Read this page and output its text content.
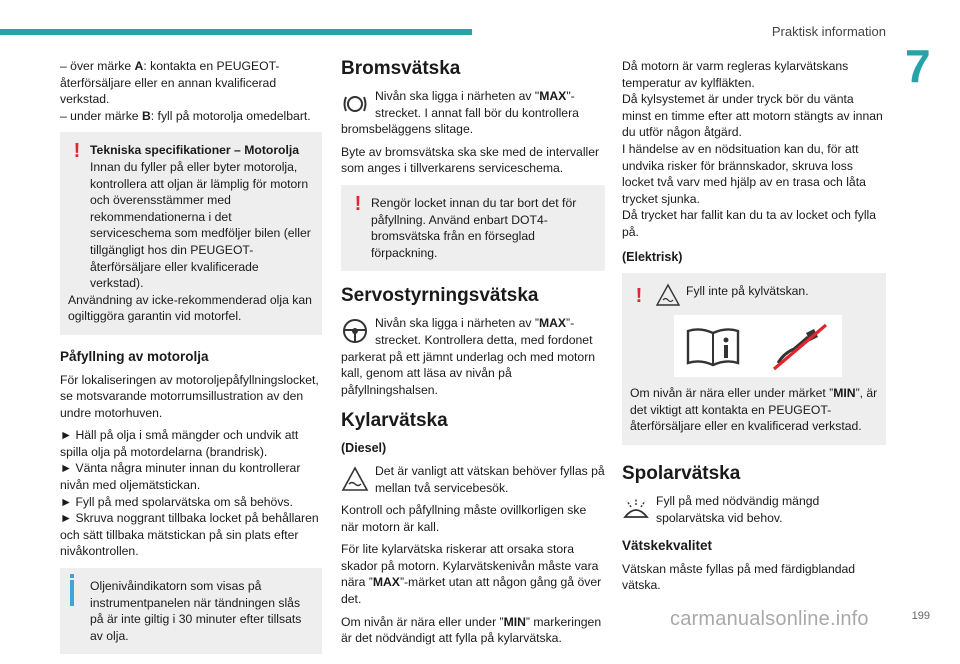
Praktisk information
7

– över märke A: kontakta en PEUGEOT-återförsäljare eller en annan kvalificerad verkstad.
– under märke B: fyll på motorolja omedelbart.

! Tekniska specifikationer – Motorolja
Innan du fyller på eller byter motorolja, kontrollera att oljan är lämplig för motorn och överensstämmer med rekommendationerna i det serviceschema som medföljer bilen (eller tillgängligt hos din PEUGEOT-återförsäljare eller kvalificerade verkstad).
Användning av icke-rekommenderad olja kan ogiltiggöra garantin vid motorfel.
Påfyllning av motorolja

För lokaliseringen av motoroljepåfyllningslocket, se motsvarande motorrumsillustration av den undre motorhuven.

► Häll på olja i små mängder och undvik att spilla olja på motordelarna (brandrisk).
► Vänta några minuter innan du kontrollerar nivån med oljemätstickan.
► Fyll på med spolarvätska om så behövs.
► Skruva noggrant tillbaka locket på behållaren och sätt tillbaka mätstickan på sin plats efter nivåkontrollen.
Oljenivåindikatorn som visas på instrumentpanelen när tändningen slås på är inte giltig i 30 minuter efter tillsats av olja.
Bromsvätska

Nivån ska ligga i närheten av "MAX"-strecket. I annat fall bör du kontrollera bromsbeläggens slitage.

Byte av bromsvätska ska ske med de intervaller som anges i tillverkarens serviceschema.

! Rengör locket innan du tar bort det för påfyllning. Använd enbart DOT4-bromsvätska från en förseglad förpackning.
Servostyrningsvätska

Nivån ska ligga i närheten av ”MAX”-strecket. Kontrollera detta, med fordonet parkerat på ett jämnt underlag och med motorn kall, genom att läsa av nivån på påfyllningshalsen.

Kylarvätska
(Diesel)

Det är vanligt att vätskan behöver fyllas på mellan två servicebesök.

Kontroll och påfyllning måste ovillkorligen ske när motorn är kall.

För lite kylarvätska riskerar att orsaka stora skador på motorn. Kylarvätskenivån måste vara nära ”MAX”-märket utan att någon gång gå över det.

Om nivån är nära eller under ”MIN” markeringen är det nödvändigt att fylla på kylarvätska.

Då motorn är varm regleras kylarvätskans temperatur av kylfläkten.
Då kylsystemet är under tryck bör du vänta minst en timme efter att motorn stängts av innan du utför någon åtgärd.
I händelse av en nödsituation kan du, för att undvika risker för brännskador, skruva loss locket två varv med hjälp av en trasa och låta trycket sjunka.
Då trycket har fallit kan du ta av locket och fylla på.

(Elektrisk)
!	Fyll inte på kylvätskan.
Om nivån är nära eller under märket ”MIN”, är det viktigt att kontakta en PEUGEOT-återförsäljare eller en kvalificerad verkstad.
Spolarvätska

Fyll på med nödvändig mängd spolarvätska vid behov.

Vätskekvalitet

Vätskan måste fyllas på med färdigblandad vätska.

carmanualsonline.info	199
